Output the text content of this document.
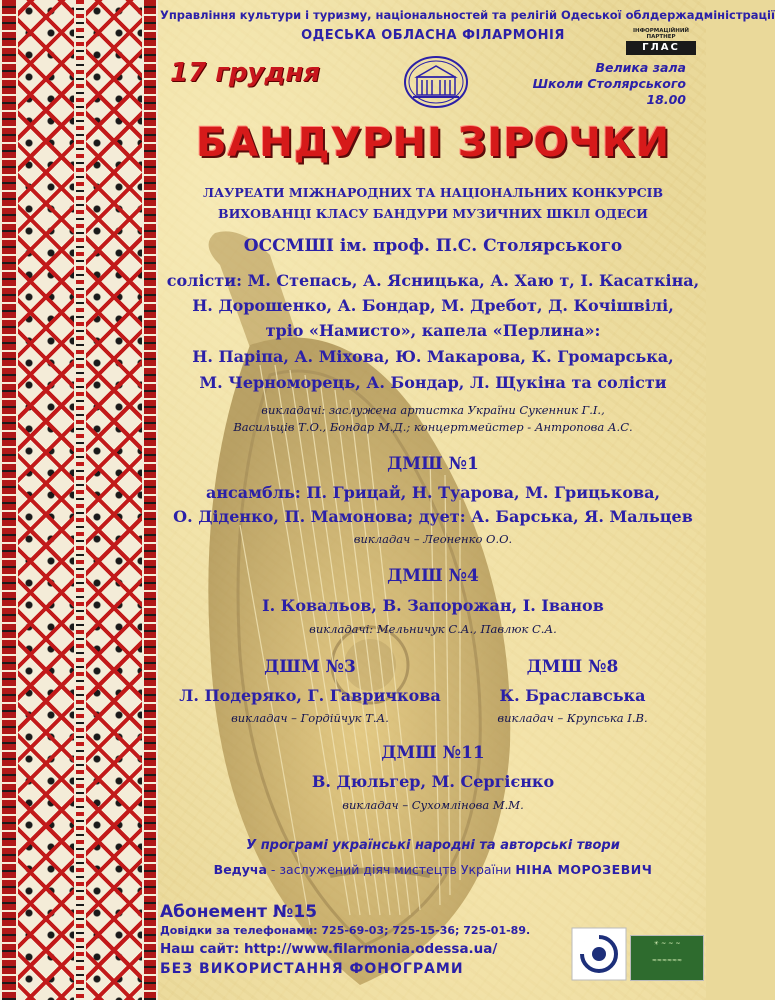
Управління культури і туризму, національностей та релігій Одеської облдержадміністрації
ОДЕСЬКА ОБЛАСНА ФІЛАРМОНІЯ	ІНФОРМАЦІЙНИЙ ПАРТНЕР
ГЛАС
17 грудня	Велика зала
Школи Столярського
18.00
БАНДУРНІ ЗІРОЧКИ
ЛАУРЕАТИ МІЖНАРОДНИХ ТА НАЦІОНАЛЬНИХ КОНКУРСІВ
ВИХОВАНЦІ КЛАСУ БАНДУРИ МУЗИЧНИХ ШКІЛ ОДЕСИ
ОССМШІ ім. проф. П.С. Столярського
солісти: М. Степась, А. Ясницька, А. Хаю т, І. Касаткіна,
Н. Дорошенко, А. Бондар, М. Дребот, Д. Кочішвілі,
тріо «Намисто», капела «Перлина»:
Н. Паріпа, А. Міхова, Ю. Макарова, К. Громарська,
М. Черноморець, А. Бондар, Л. Щукіна та солісти
викладачі: заслужена артистка України Сукенник Г.І.,
Васильців Т.О., Бондар М.Д.; концертмейстер - Антропова А.С.
ДМШ №1
ансамбль: П. Грицай, Н. Туарова, М. Грицькова,
О. Діденко, П. Мамонова; дует: А. Барська, Я. Мальцев
викладач – Леоненко О.О.
ДМШ №4
І. Ковальов, В. Запорожан, І. Іванов
викладачі: Мельничук С.А., Павлюк С.А.
ДШМ №3	ДМШ №8
Л. Подеряко, Г. Гавричкова	К. Браславська
викладач – Гордійчук Т.А.	викладач – Крупська І.В.
ДМШ №11
В. Дюльгер, М. Сергієнко
викладач – Сухомлінова М.М.
У програмі українські народні та авторські твори
Ведуча - заслужений діяч мистецтв України НІНА МОРОЗЕВИЧ
Абонемент №15
Довідки за телефонами: 725-69-03; 725-15-36; 725-01-89.
Наш сайт: http://www.filarmonia.odessa.ua/
БЕЗ ВИКОРИСТАННЯ ФОНОГРАМИ
☀ ~ ~ ~
≈≈≈≈≈≈
